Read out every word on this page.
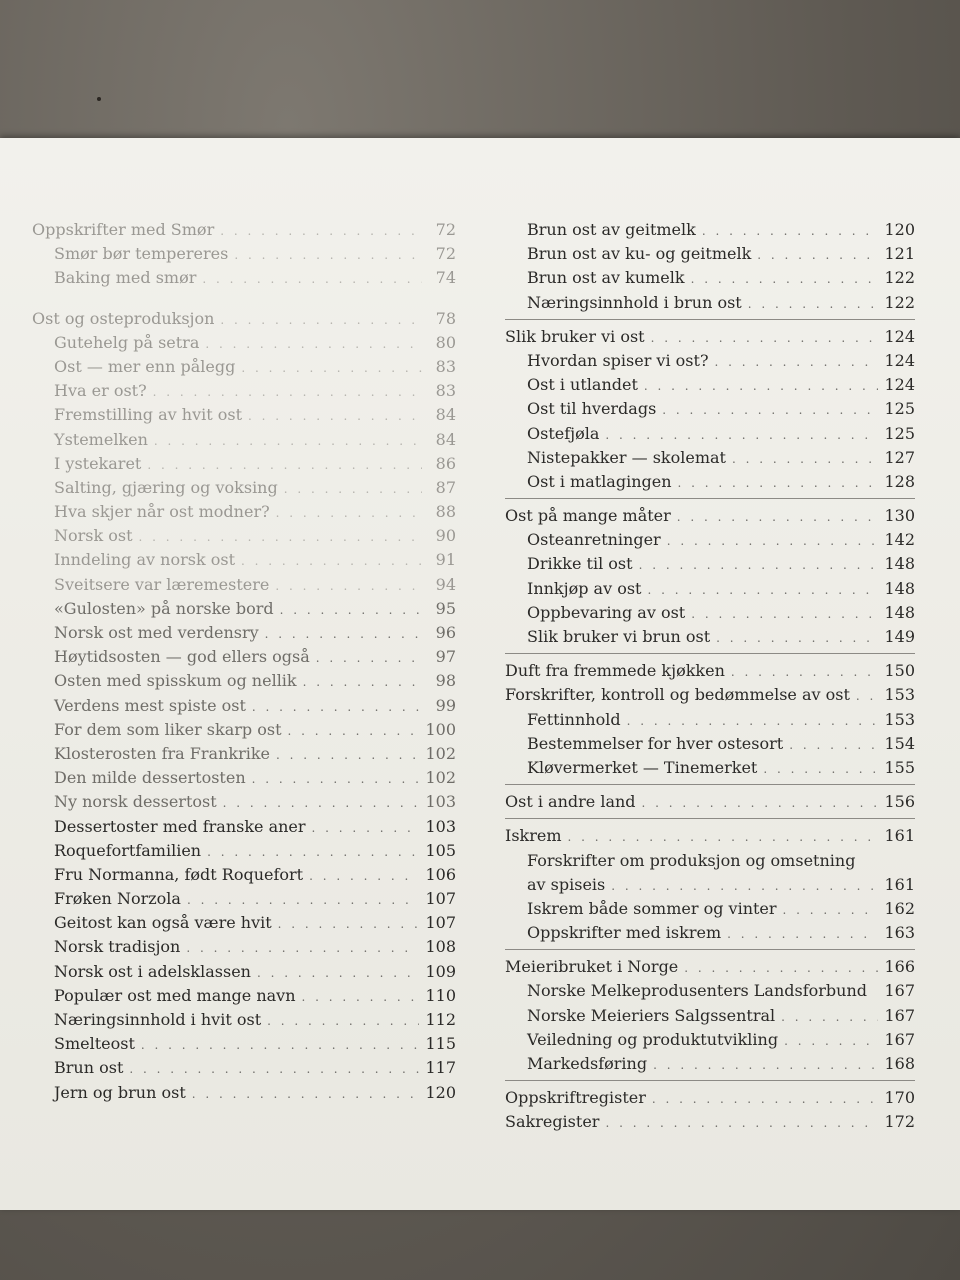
Oppskrifter med Smør . . .	72
Smør bør tempereres . . .	72
Baking med smør . . .	74
Ost og osteproduksjon . . .	78
Gutehelg på setra . . .	80
Ost — mer enn pålegg . . .	83
Hva er ost? . . .	83
Fremstilling av hvit ost . . .	84
Ystemelken . . .	84
I ystekaret . . .	86
Salting, gjæring og voksing . . .	87
Hva skjer når ost modner? . . .	88
Norsk ost . . .	90
Inndeling av norsk ost . . .	91
Sveitsere var læremestere . . .	94
«Gulosten» på norske bord . . .	95
Norsk ost med verdensry . . .	96
Høytidsosten — god ellers også . . .	97
Osten med spisskum og nellik . . .	98
Verdens mest spiste ost . . .	99
For dem som liker skarp ost . . .	100
Klosterosten fra Frankrike . . .	102
Den milde dessertosten . . .	102
Ny norsk dessertost . . .	103
Dessertoster med franske aner . . .	103
Roquefortfamilien . . .	105
Fru Normanna, født Roquefort . . .	106
Frøken Norzola . . .	107
Geitost kan også være hvit . . .	107
Norsk tradisjon . . .	108
Norsk ost i adelsklassen . . .	109
Populær ost med mange navn . . .	110
Næringsinnhold i hvit ost . . .	112
Smelteost . . .	115
Brun ost . . .	117
Jern og brun ost . . .	120
Brun ost av geitmelk . . .	120
Brun ost av ku- og geitmelk . . .	121
Brun ost av kumelk . . .	122
Næringsinnhold i brun ost . . .	122
Slik bruker vi ost . . .	124
Hvordan spiser vi ost? . . .	124
Ost i utlandet . . .	124
Ost til hverdags . . .	125
Ostefjøla . . .	125
Nistepakker — skolemat . . .	127
Ost i matlagingen . . .	128
Ost på mange måter . . .	130
Osteanretninger . . .	142
Drikke til ost . . .	148
Innkjøp av ost . . .	148
Oppbevaring av ost . . .	148
Slik bruker vi brun ost . . .	149
Duft fra fremmede kjøkken . . .	150
Forskrifter, kontroll og bedømmelse av ost . . . 153
Fettinnhold . . .	153
Bestemmelser for hver ostesort . . .	154
Kløvermerket — Tinemerket . . .	155
Ost i andre land . . .	156
Iskrem . . .	161
Forskrifter om produksjon og omsetning
av spiseis . . .	161
Iskrem både sommer og vinter . . .	162
Oppskrifter med iskrem . . .	163
Meieribruket i Norge . . .	166
Norske Melkeprodusenters Landsforbund 167
Norske Meieriers Salgssentral . . .	167
Veiledning og produktutvikling . . .	167
Markedsføring . . .	168
Oppskriftregister . . .	170
Sakregister . . .	172
